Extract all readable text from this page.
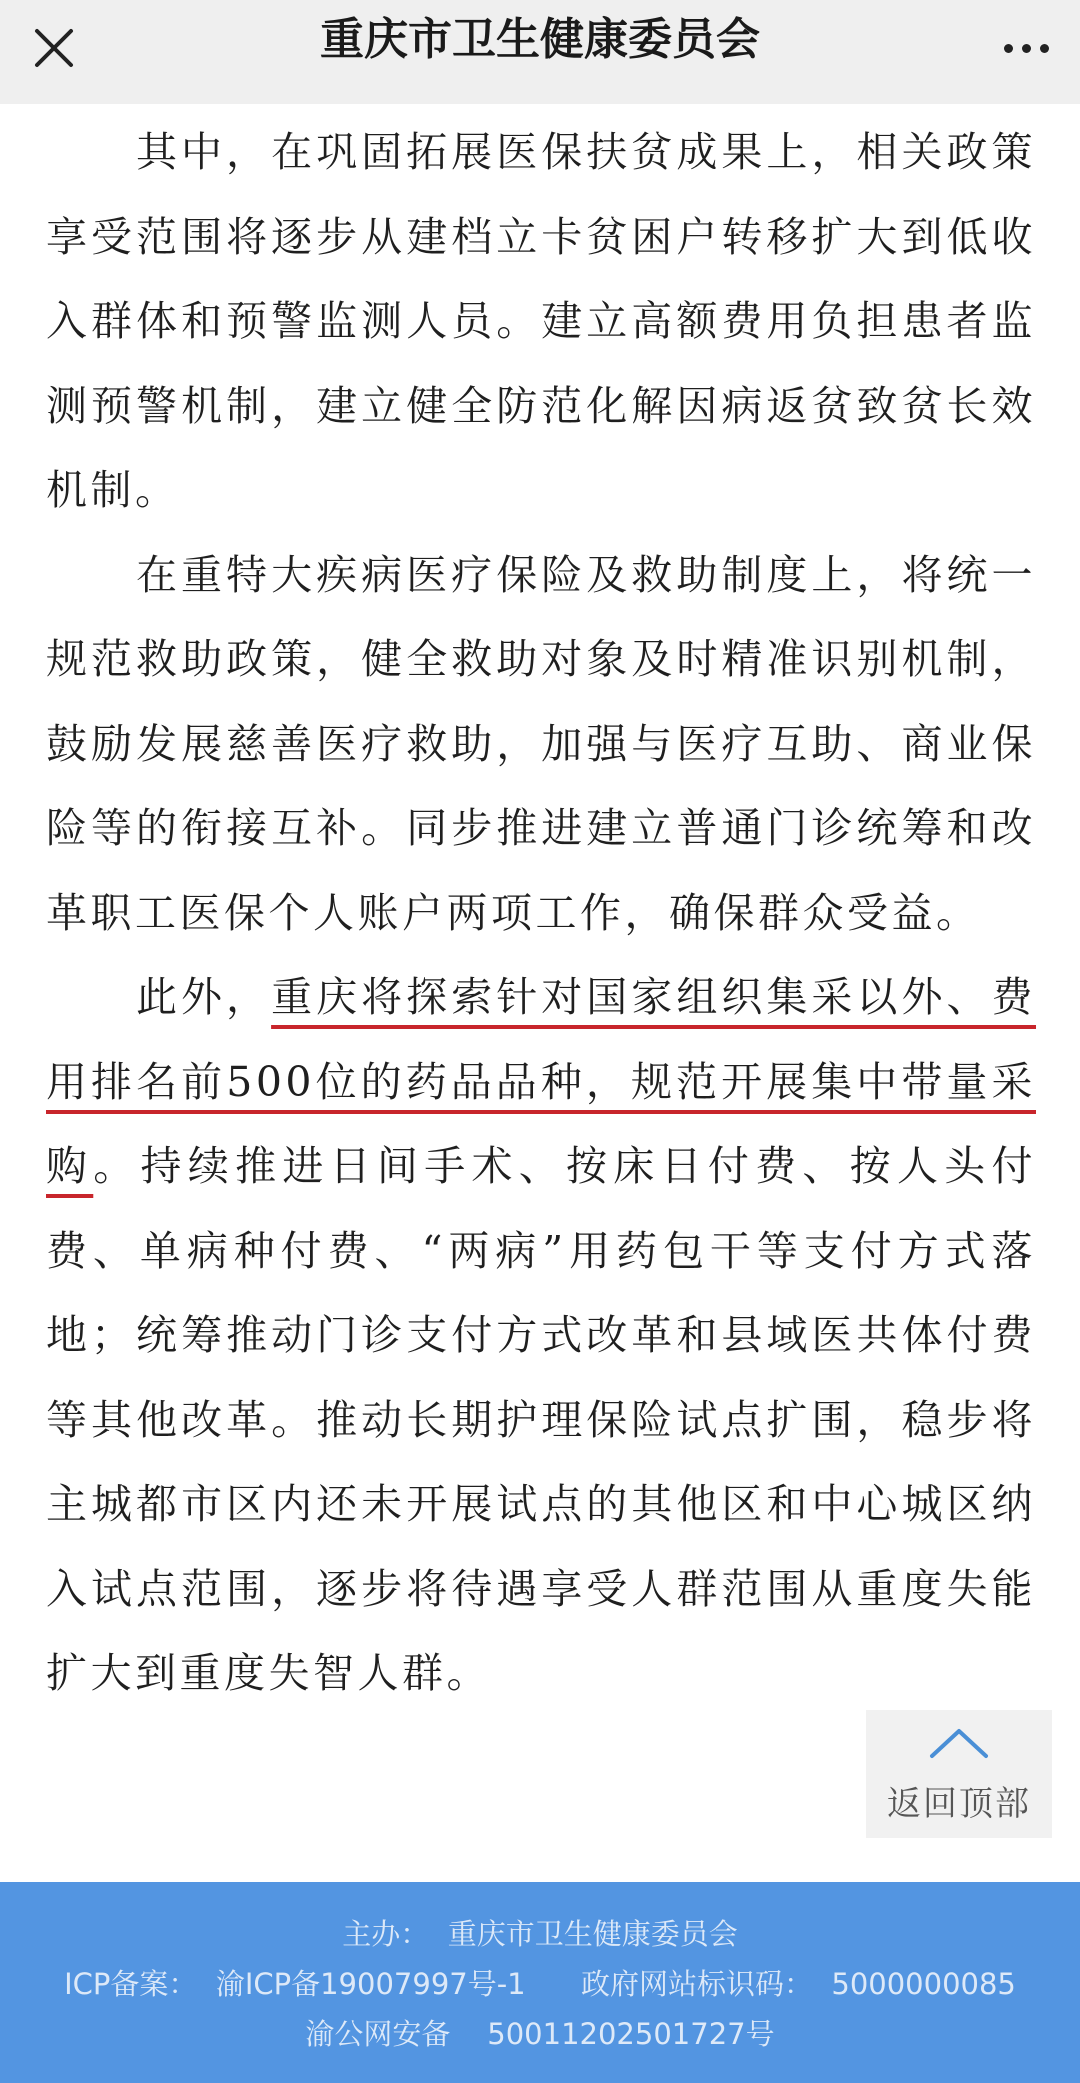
重庆市卫生健康委员会

其中，在巩固拓展医保扶贫成果上，相关政策享受范围将逐步从建档立卡贫困户转移扩大到低收入群体和预警监测人员。建立高额费用负担患者监测预警机制，建立健全防范化解因病返贫致贫长效机制。

在重特大疾病医疗保险及救助制度上，将统一规范救助政策，健全救助对象及时精准识别机制，鼓励发展慈善医疗救助，加强与医疗互助、商业保险等的衔接互补。同步推进建立普通门诊统筹和改革职工医保个人账户两项工作，确保群众受益。

此外，重庆将探索针对国家组织集采以外、费用排名前500位的药品品种，规范开展集中带量采购。持续推进日间手术、按床日付费、按人头付费、单病种付费、“两病”用药包干等支付方式落地；统筹推动门诊支付方式改革和县域医共体付费等其他改革。推动长期护理保险试点扩围，稳步将主城都市区内还未开展试点的其他区和中心城区纳入试点范围，逐步将待遇享受人群范围从重度失能扩大到重度失智人群。

返回顶部
主办：  重庆市卫生健康委员会
ICP备案：  渝ICP备19007997号-1      政府网站标识码：  5000000085
渝公网安备    50011202501727号
